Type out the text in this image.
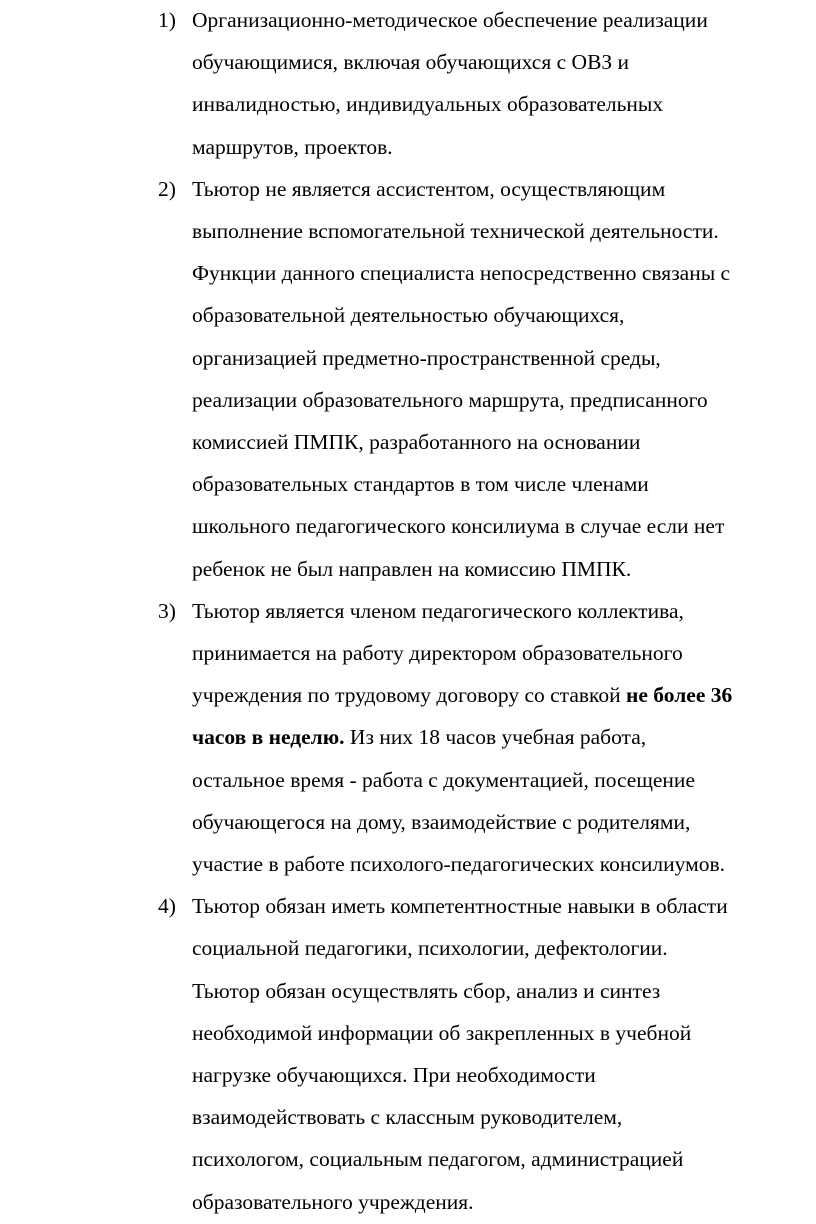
1) Организационно-методическое обеспечение реализации
обучающимися, включая обучающихся с ОВЗ и
инвалидностью, индивидуальных образовательных
маршрутов, проектов.
2) Тьютор не является ассистентом, осуществляющим
выполнение вспомогательной технической деятельности.
Функции данного специалиста непосредственно связаны с
образовательной деятельностью обучающихся,
организацией предметно-пространственной среды,
реализации образовательного маршрута, предписанного
комиссией ПМПК, разработанного на основании
образовательных стандартов в том числе членами
школьного педагогического консилиума в случае если нет
ребенок не был направлен на комиссию ПМПК.
3) Тьютор является членом педагогического коллектива,
принимается на работу директором образовательного
учреждения по трудовому договору со ставкой не более 36
часов в неделю. Из них 18 часов учебная работа,
остальное время - работа с документацией, посещение
обучающегося на дому, взаимодействие с родителями,
участие в работе психолого-педагогических консилиумов.
4) Тьютор обязан иметь компетентностные навыки в области
социальной педагогики, психологии, дефектологии.
Тьютор обязан осуществлять сбор, анализ и синтез
необходимой информации об закрепленных в учебной
нагрузке обучающихся. При необходимости
взаимодействовать с классным руководителем,
психологом, социальным педагогом, администрацией
образовательного учреждения.
